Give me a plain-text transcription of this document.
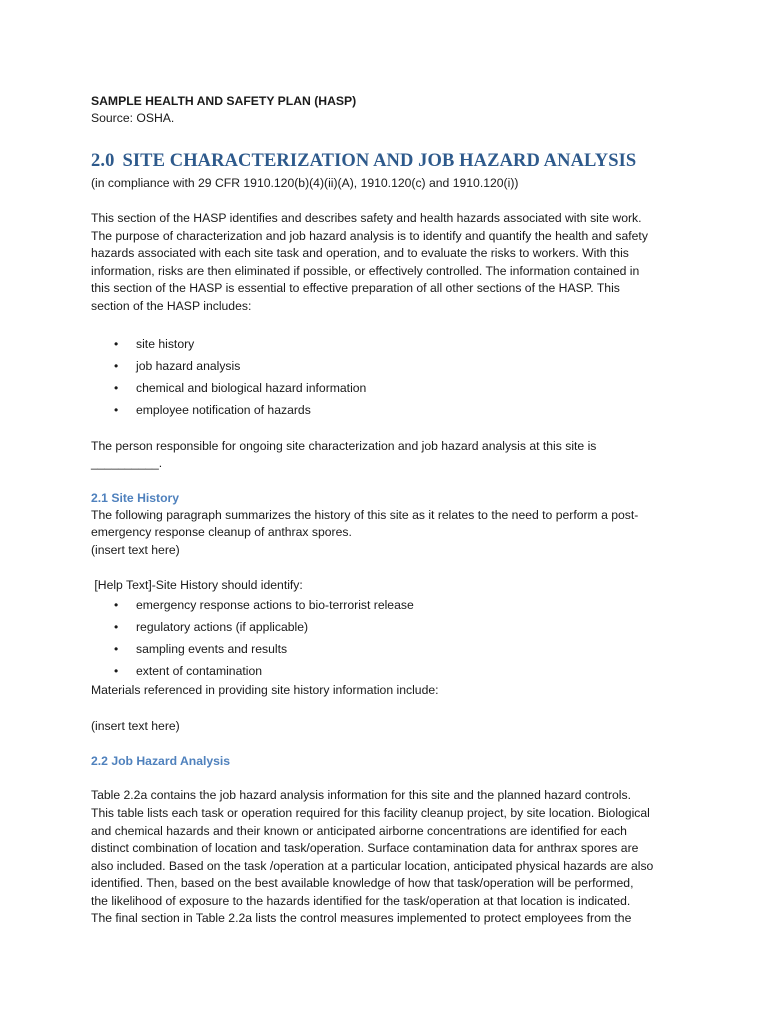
SAMPLE HEALTH AND SAFETY PLAN (HASP)

Source: OSHA.

2.0 SITE CHARACTERIZATION AND JOB HAZARD ANALYSIS

(in compliance with 29 CFR 1910.120(b)(4)(ii)(A), 1910.120(c) and 1910.120(i))

This section of the HASP identifies and describes safety and health hazards associated with site work.

The purpose of characterization and job hazard analysis is to identify and quantify the health and safety

hazards associated with each site task and operation, and to evaluate the risks to workers. With this

information, risks are then eliminated if possible, or effectively controlled. The information contained in

this section of the HASP is essential to effective preparation of all other sections of the HASP. This

section of the HASP includes:

• site history
• job hazard analysis
• chemical and biological hazard information
• employee notification of hazards

The person responsible for ongoing site characterization and job hazard analysis at this site is

__________.

2.1 Site History

The following paragraph summarizes the history of this site as it relates to the need to perform a post-

emergency response cleanup of anthrax spores.

(insert text here)

[Help Text]-Site History should identify:

• emergency response actions to bio-terrorist release
• regulatory actions (if applicable)
• sampling events and results
• extent of contamination

Materials referenced in providing site history information include:

(insert text here)

2.2 Job Hazard Analysis

Table 2.2a contains the job hazard analysis information for this site and the planned hazard controls.

This table lists each task or operation required for this facility cleanup project, by site location. Biological

and chemical hazards and their known or anticipated airborne concentrations are identified for each

distinct combination of location and task/operation. Surface contamination data for anthrax spores are

also included. Based on the task /operation at a particular location, anticipated physical hazards are also

identified. Then, based on the best available knowledge of how that task/operation will be performed,

the likelihood of exposure to the hazards identified for the task/operation at that location is indicated.

The final section in Table 2.2a lists the control measures implemented to protect employees from the
